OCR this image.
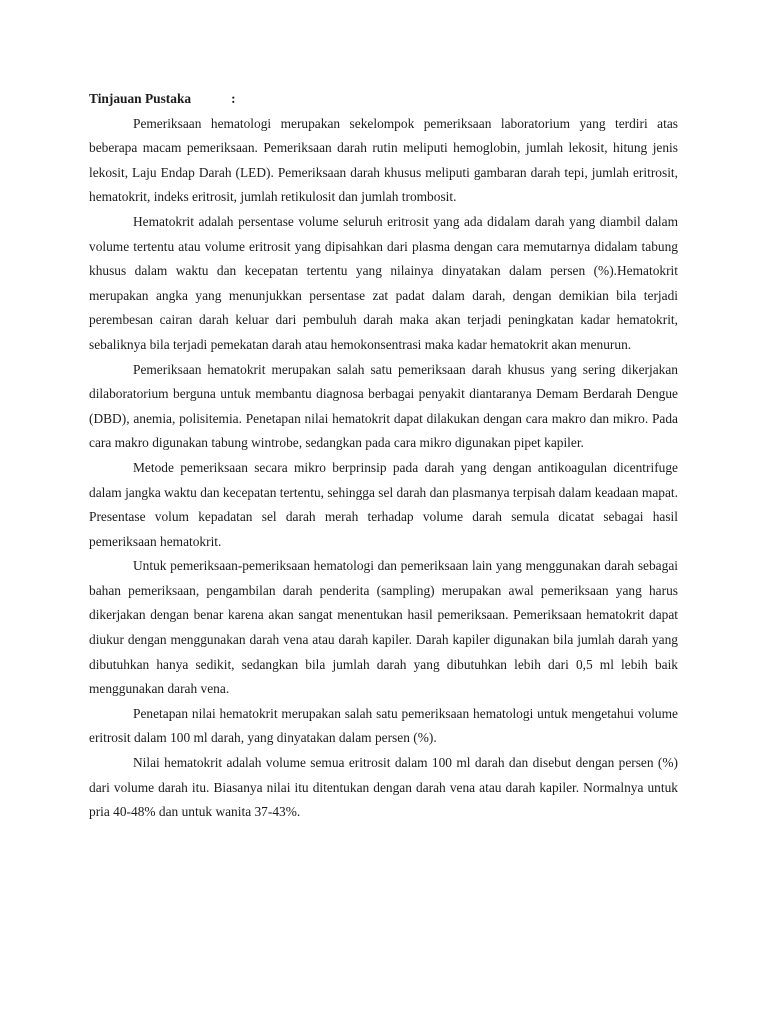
Tinjauan Pustaka	:

Pemeriksaan hematologi merupakan sekelompok pemeriksaan laboratorium yang terdiri atas beberapa macam pemeriksaan. Pemeriksaan darah rutin meliputi hemoglobin, jumlah lekosit, hitung jenis lekosit, Laju Endap Darah (LED). Pemeriksaan darah khusus meliputi gambaran darah tepi, jumlah eritrosit, hematokrit, indeks eritrosit, jumlah retikulosit dan jumlah trombosit.

Hematokrit adalah persentase volume seluruh eritrosit yang ada didalam darah yang diambil dalam volume tertentu atau volume eritrosit yang dipisahkan dari plasma dengan cara memutarnya didalam tabung khusus dalam waktu dan kecepatan tertentu yang nilainya dinyatakan dalam persen (%).Hematokrit merupakan angka yang menunjukkan persentase zat padat dalam darah, dengan demikian bila terjadi perembesan cairan darah keluar dari pembuluh darah maka akan terjadi peningkatan kadar hematokrit, sebaliknya bila terjadi pemekatan darah atau hemokonsentrasi maka kadar hematokrit akan menurun.

Pemeriksaan hematokrit merupakan salah satu pemeriksaan darah khusus yang sering dikerjakan dilaboratorium berguna untuk membantu diagnosa berbagai penyakit diantaranya Demam Berdarah Dengue (DBD), anemia, polisitemia. Penetapan nilai hematokrit dapat dilakukan dengan cara makro dan mikro. Pada cara makro digunakan tabung wintrobe, sedangkan pada cara mikro digunakan pipet kapiler.

Metode pemeriksaan secara mikro berprinsip pada darah yang dengan antikoagulan dicentrifuge dalam jangka waktu dan kecepatan tertentu, sehingga sel darah dan plasmanya terpisah dalam keadaan mapat. Presentase volum kepadatan sel darah merah terhadap volume darah semula dicatat sebagai hasil pemeriksaan hematokrit.

Untuk pemeriksaan-pemeriksaan hematologi dan pemeriksaan lain yang menggunakan darah sebagai bahan pemeriksaan, pengambilan darah penderita (sampling) merupakan awal pemeriksaan yang harus dikerjakan dengan benar karena akan sangat menentukan hasil pemeriksaan. Pemeriksaan hematokrit dapat diukur dengan menggunakan darah vena atau darah kapiler. Darah kapiler digunakan bila jumlah darah yang dibutuhkan hanya sedikit, sedangkan bila jumlah darah yang dibutuhkan lebih dari 0,5 ml lebih baik menggunakan darah vena.

Penetapan nilai hematokrit merupakan salah satu pemeriksaan hematologi untuk mengetahui volume eritrosit dalam 100 ml darah, yang dinyatakan dalam persen (%).

Nilai hematokrit adalah volume semua eritrosit dalam 100 ml darah dan disebut dengan persen (%) dari volume darah itu. Biasanya nilai itu ditentukan dengan darah vena atau darah kapiler. Normalnya untuk pria 40-48% dan untuk wanita 37-43%.
